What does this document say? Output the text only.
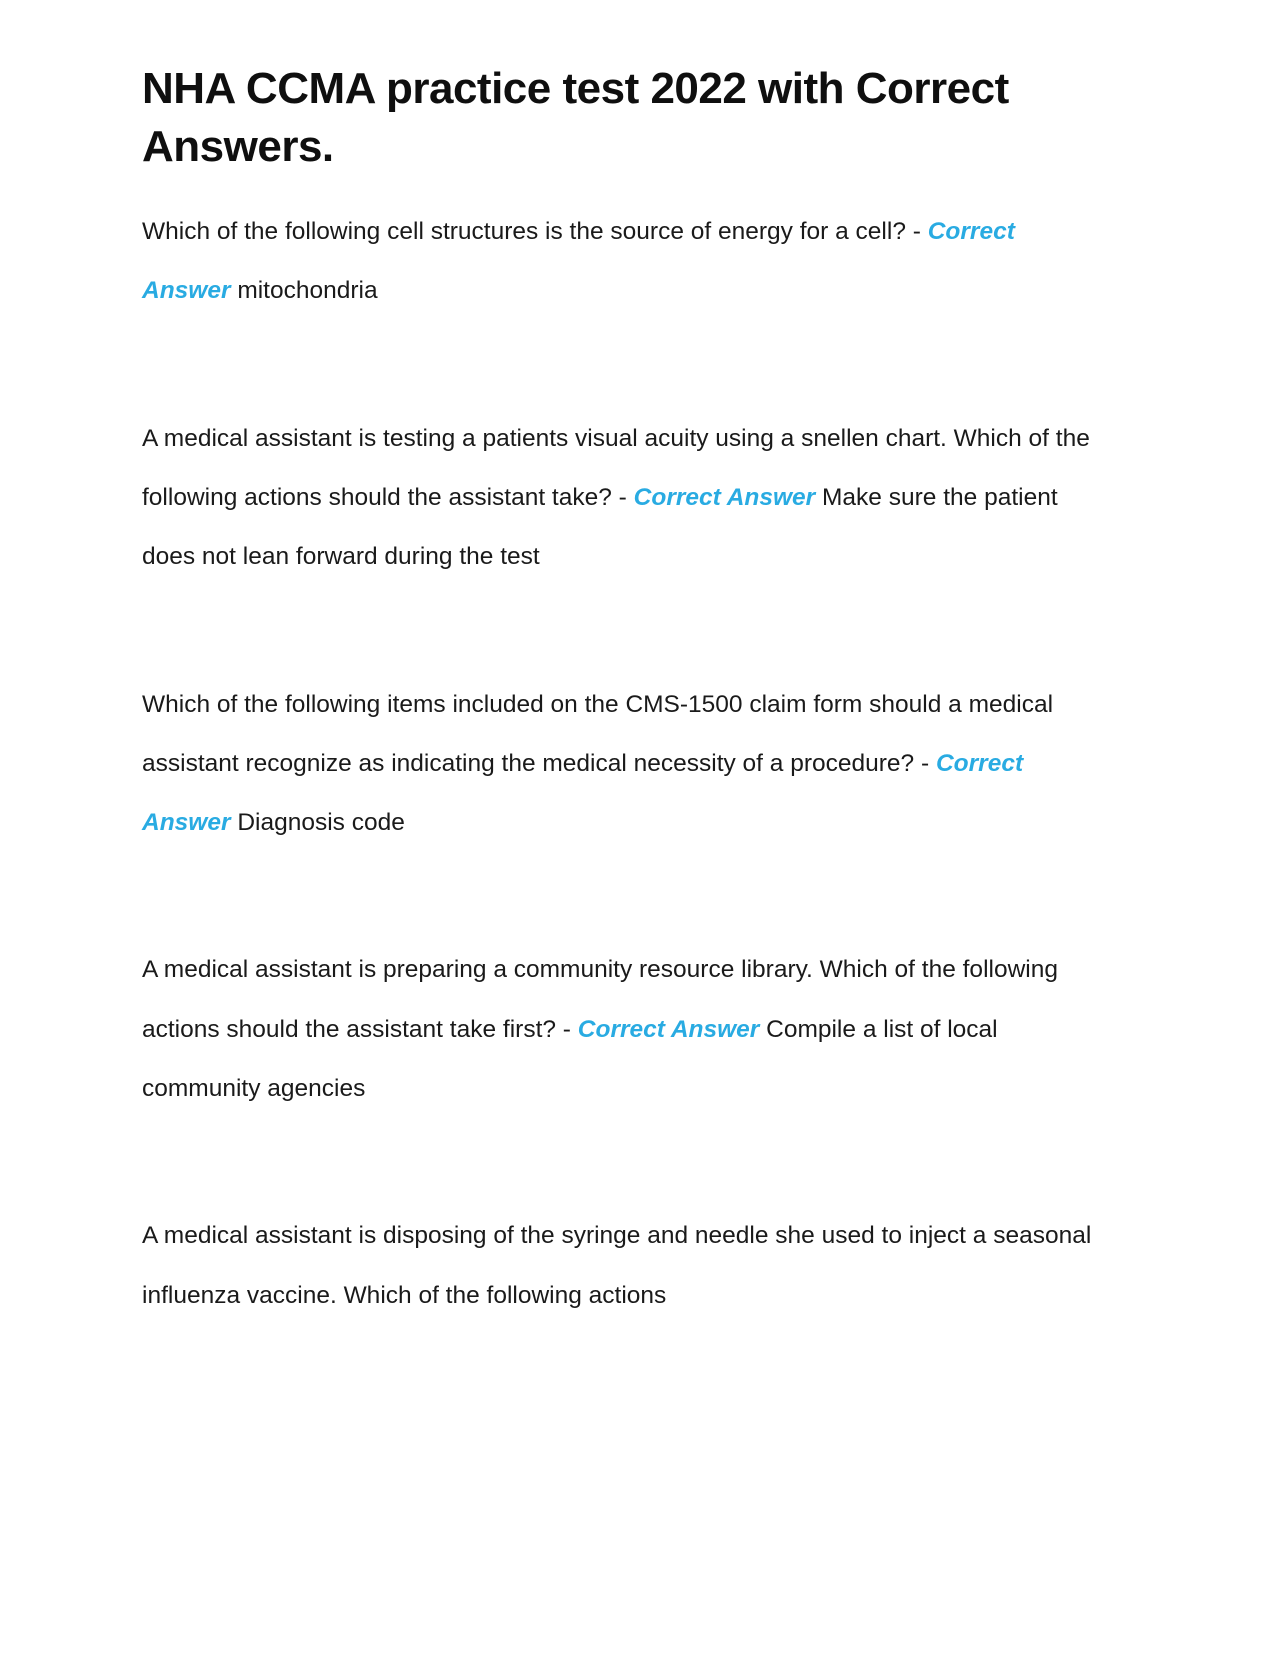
NHA CCMA practice test 2022 with Correct Answers.
Which of the following cell structures is the source of energy for a cell? - Correct Answer mitochondria
A medical assistant is testing a patients visual acuity using a snellen chart. Which of the following actions should the assistant take? - Correct Answer Make sure the patient does not lean forward during the test
Which of the following items included on the CMS-1500 claim form should a medical assistant recognize as indicating the medical necessity of a procedure? - Correct Answer Diagnosis code
A medical assistant is preparing a community resource library. Which of the following actions should the assistant take first? - Correct Answer Compile a list of local community agencies
A medical assistant is disposing of the syringe and needle she used to inject a seasonal influenza vaccine. Which of the following actions
